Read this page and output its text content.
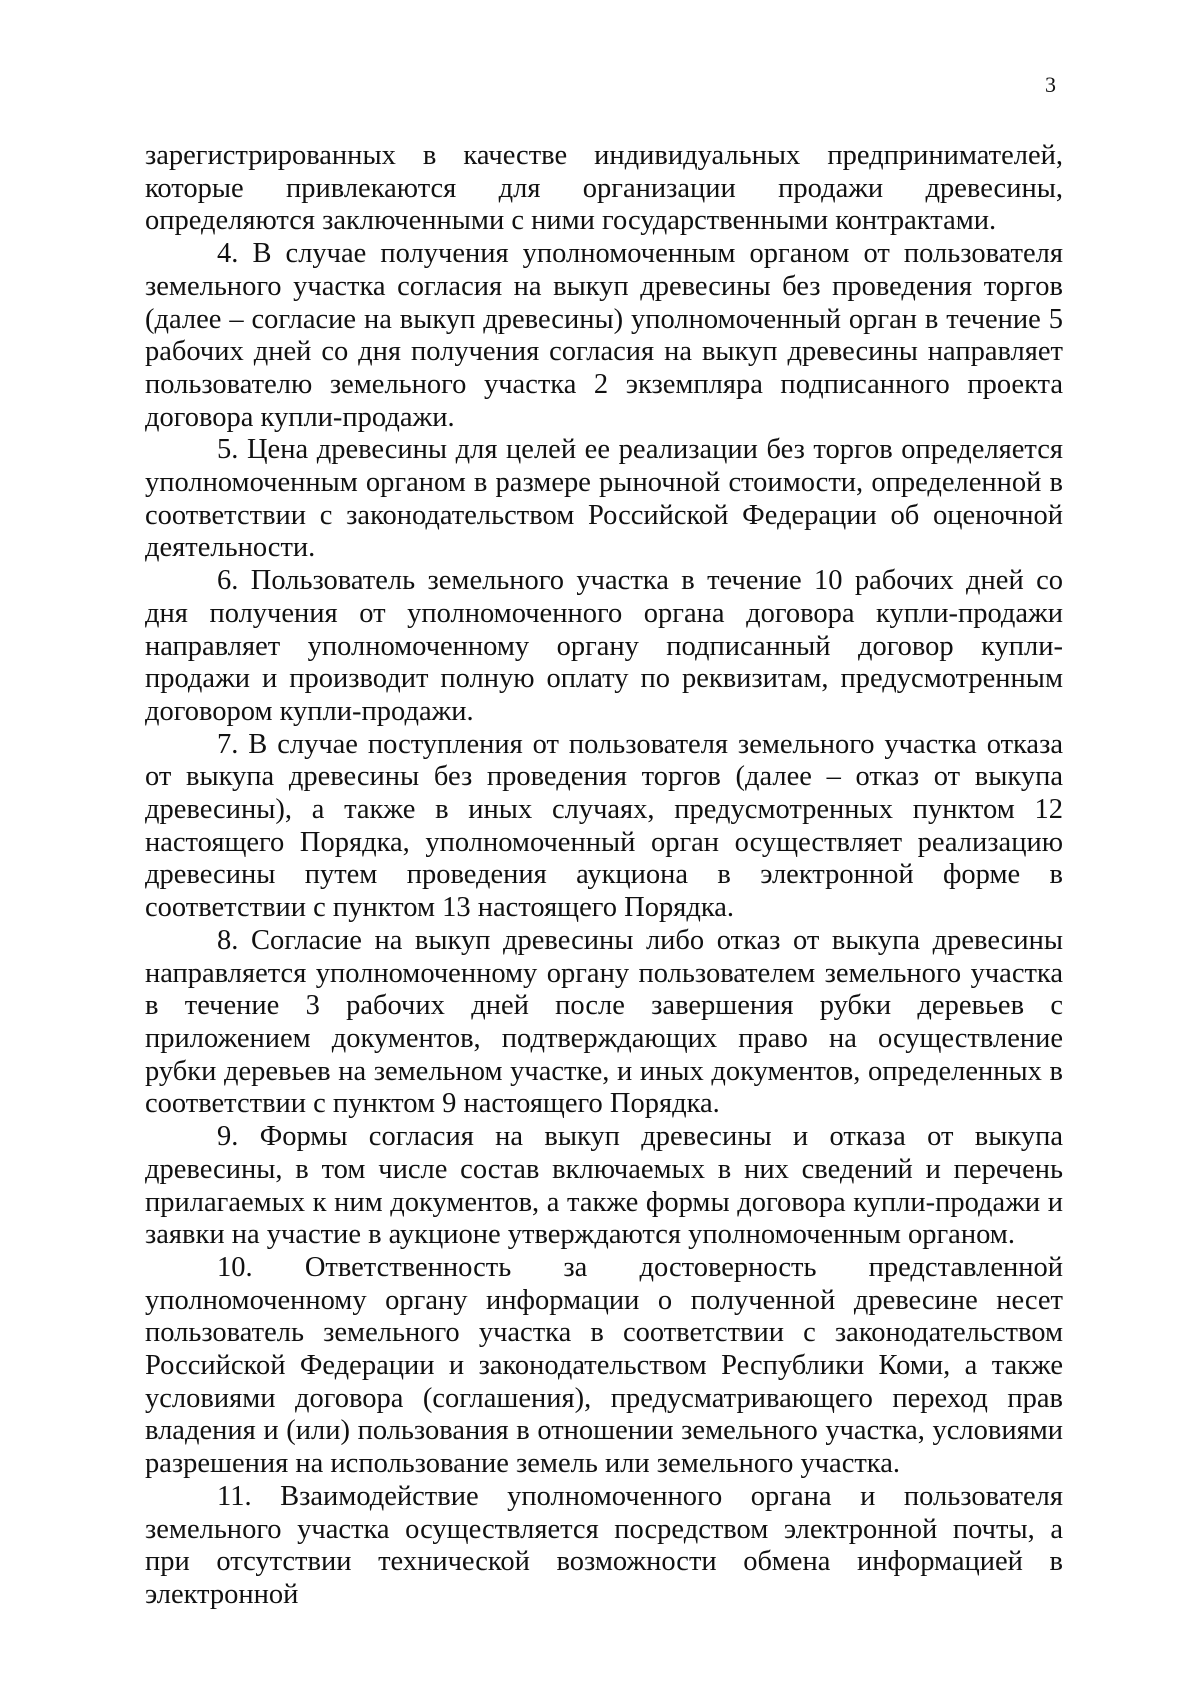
3

зарегистрированных в качестве индивидуальных предпринимателей, которые привлекаются для организации продажи древесины, определяются заключенными с ними государственными контрактами.

4. В случае получения уполномоченным органом от пользователя земельного участка согласия на выкуп древесины без проведения торгов (далее – согласие на выкуп древесины) уполномоченный орган в течение 5 рабочих дней со дня получения согласия на выкуп древесины направляет пользователю земельного участка 2 экземпляра подписанного проекта договора купли-продажи.

5. Цена древесины для целей ее реализации без торгов определяется уполномоченным органом в размере рыночной стоимости, определенной в соответствии с законодательством Российской Федерации об оценочной деятельности.

6. Пользователь земельного участка в течение 10 рабочих дней со дня получения от уполномоченного органа договора купли-продажи направляет уполномоченному органу подписанный договор купли-продажи и производит полную оплату по реквизитам, предусмотренным договором купли-продажи.

7. В случае поступления от пользователя земельного участка отказа от выкупа древесины без проведения торгов (далее – отказ от выкупа древесины), а также в иных случаях, предусмотренных пунктом 12 настоящего Порядка, уполномоченный орган осуществляет реализацию древесины путем проведения аукциона в электронной форме в соответствии с пунктом 13 настоящего Порядка.

8. Согласие на выкуп древесины либо отказ от выкупа древесины направляется уполномоченному органу пользователем земельного участка в течение 3 рабочих дней после завершения рубки деревьев с приложением документов, подтверждающих право на осуществление рубки деревьев на земельном участке, и иных документов, определенных в соответствии с пунктом 9 настоящего Порядка.

9. Формы согласия на выкуп древесины и отказа от выкупа древесины, в том числе состав включаемых в них сведений и перечень прилагаемых к ним документов, а также формы договора купли-продажи и заявки на участие в аукционе утверждаются уполномоченным органом.

10. Ответственность за достоверность представленной уполномоченному органу информации о полученной древесине несет пользователь земельного участка в соответствии с законодательством Российской Федерации и законодательством Республики Коми, а также условиями договора (соглашения), предусматривающего переход прав владения и (или) пользования в отношении земельного участка, условиями разрешения на использование земель или земельного участка.

11. Взаимодействие уполномоченного органа и пользователя земельного участка осуществляется посредством электронной почты, а при отсутствии технической возможности обмена информацией в электронной
